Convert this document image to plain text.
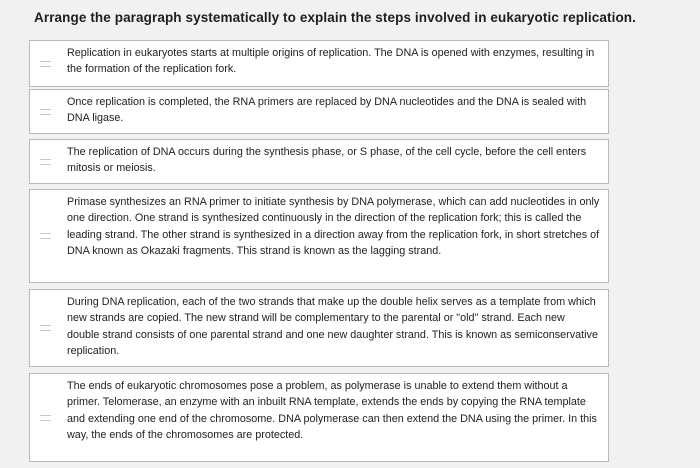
Arrange the paragraph systematically to explain the steps involved in eukaryotic replication.
Replication in eukaryotes starts at multiple origins of replication. The DNA is opened with enzymes, resulting in the formation of the replication fork.
Once replication is completed, the RNA primers are replaced by DNA nucleotides and the DNA is sealed with DNA ligase.
The replication of DNA occurs during the synthesis phase, or S phase, of the cell cycle, before the cell enters mitosis or meiosis.
Primase synthesizes an RNA primer to initiate synthesis by DNA polymerase, which can add nucleotides in only one direction. One strand is synthesized continuously in the direction of the replication fork; this is called the leading strand. The other strand is synthesized in a direction away from the replication fork, in short stretches of DNA known as Okazaki fragments. This strand is known as the lagging strand.
During DNA replication, each of the two strands that make up the double helix serves as a template from which new strands are copied. The new strand will be complementary to the parental or "old" strand. Each new double strand consists of one parental strand and one new daughter strand. This is known as semiconservative replication.
The ends of eukaryotic chromosomes pose a problem, as polymerase is unable to extend them without a primer. Telomerase, an enzyme with an inbuilt RNA template, extends the ends by copying the RNA template and extending one end of the chromosome. DNA polymerase can then extend the DNA using the primer. In this way, the ends of the chromosomes are protected.
